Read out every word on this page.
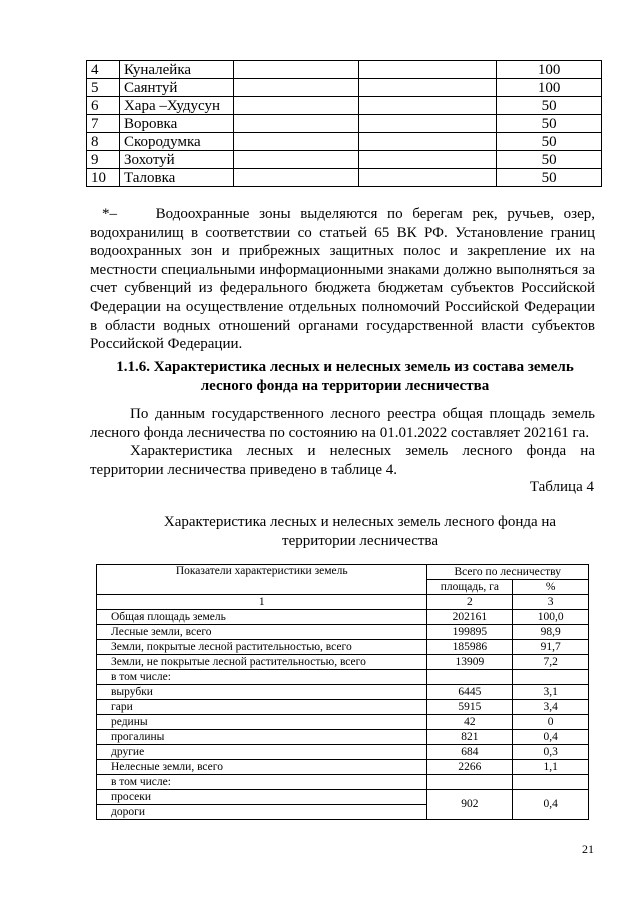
4	Куналейка			100
5	Саянтуй			100
6	Хара –Худусун			50
7	Воровка			50
8	Скородумка			50
9	Зохотуй			50
10	Таловка			50

*–	Водоохранные зоны выделяются по берегам рек, ручьев, озер, водохранилищ в соответствии со статьей 65 ВК РФ. Установление границ водоохранных зон и прибрежных защитных полос и закрепление их на местности специальными информационными знаками должно выполняться за счет субвенций из федерального бюджета бюджетам субъектов Российской Федерации на осуществление отдельных полномочий Российской Федерации в области водных отношений органами государственной власти субъектов Российской Федерации.

1.1.6. Характеристика лесных и нелесных земель из состава земель лесного фонда на территории лесничества

По данным государственного лесного реестра общая площадь земель лесного фонда лесничества по состоянию на 01.01.2022 составляет 202161 га.

Характеристика лесных и нелесных земель лесного фонда на территории лесничества приведено в таблице 4.

Таблица 4

Характеристика лесных и нелесных земель лесного фонда на территории лесничества

Показатели характеристики земель	Всего по лесничеству	
	площадь, га	%
1	2	3
Общая площадь земель	202161	100,0
Лесные земли, всего	199895	98,9
Земли, покрытые лесной растительностью, всего	185986	91,7
Земли, не покрытые лесной растительностью, всего	13909	7,2
в том числе:		
вырубки	6445	3,1
гари	5915	3,4
редины	42	0
прогалины	821	0,4
другие	684	0,3
Нелесные земли, всего	2266	1,1
в том числе:		
просеки	902	0,4
дороги		

21
